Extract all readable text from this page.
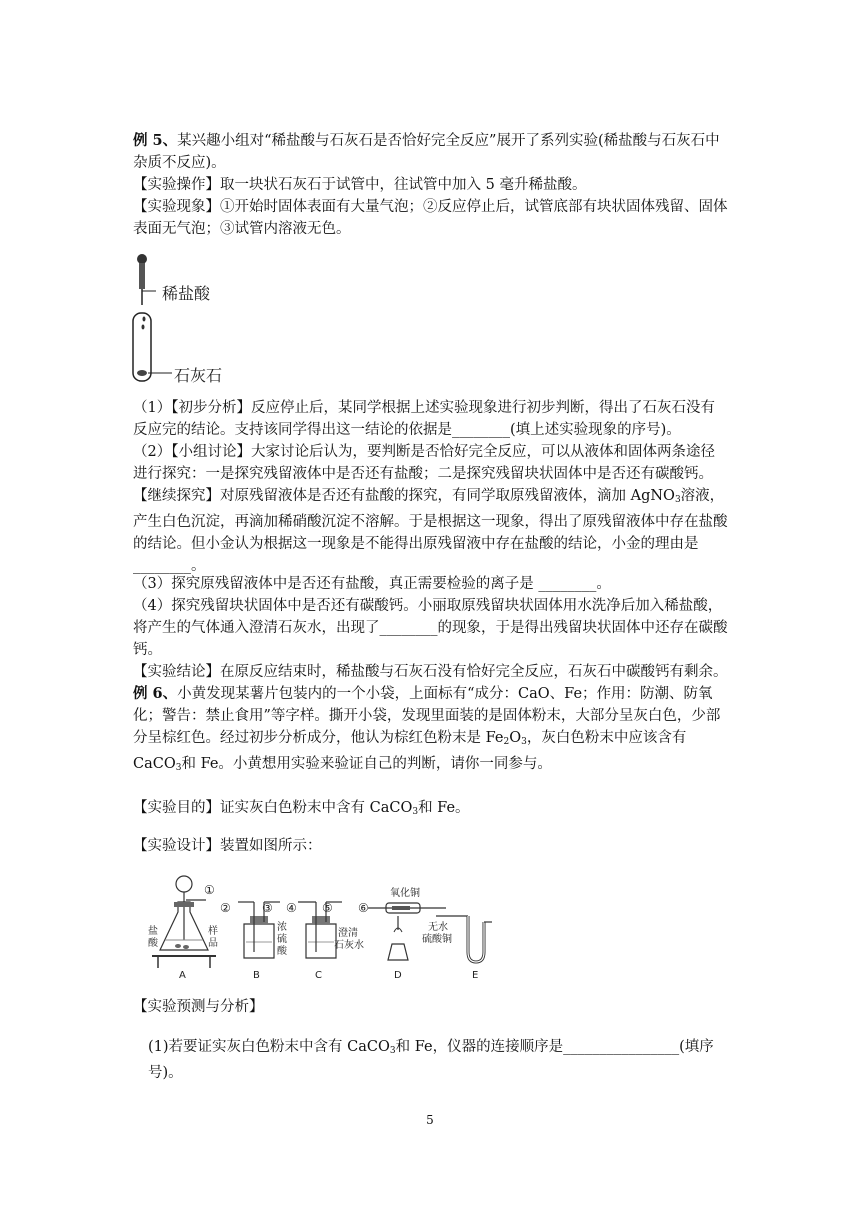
例 5、某兴趣小组对“稀盐酸与石灰石是否恰好完全反应”展开了系列实验(稀盐酸与石灰石中杂质不反应)。

【实验操作】取一块状石灰石于试管中，往试管中加入 5 毫升稀盐酸。

【实验现象】①开始时固体表面有大量气泡；②反应停止后，试管底部有块状固体残留、固体表面无气泡；③试管内溶液无色。

稀盐酸
石灰石

（1）【初步分析】反应停止后，某同学根据上述实验现象进行初步判断，得出了石灰石没有反应完的结论。支持该同学得出这一结论的依据是________(填上述实验现象的序号)。

（2）【小组讨论】大家讨论后认为，要判断是否恰好完全反应，可以从液体和固体两条途径进行探究：一是探究残留液体中是否还有盐酸；二是探究残留块状固体中是否还有碳酸钙。

【继续探究】对原残留液体是否还有盐酸的探究，有同学取原残留液体，滴加 AgNO$_3$溶液，产生白色沉淀，再滴加稀硝酸沉淀不溶解。于是根据这一现象，得出了原残留液体中存在盐酸的结论。但小金认为根据这一现象是不能得出原残留液中存在盐酸的结论，小金的理由是________。

（3）探究原残留液体中是否还有盐酸，真正需要检验的离子是 ________。

（4）探究残留块状固体中是否还有碳酸钙。小丽取原残留块状固体用水洗净后加入稀盐酸，将产生的气体通入澄清石灰水，出现了________的现象，于是得出残留块状固体中还存在碳酸钙。

【实验结论】在原反应结束时，稀盐酸与石灰石没有恰好完全反应，石灰石中碳酸钙有剩余。

例 6、小黄发现某薯片包装内的一个小袋，上面标有“成分：CaO、Fe；作用：防潮、防氧化；警告：禁止食用”等字样。撕开小袋，发现里面装的是固体粉末，大部分呈灰白色，少部分呈棕红色。经过初步分析成分，他认为棕红色粉末是 $Fe_2O_3$，灰白色粉末中应该含有 CaCO$_3$和 Fe。小黄想用实验来验证自己的判断，请你一同参与。

【实验目的】证实灰白色粉末中含有 CaCO$_3$和 Fe。

【实验设计】装置如图所示：

①
②	③ ④ ⑤ ⑥
盐
酸
样
品
浓
硫
酸
澄清
石灰水
氧化铜
无水
硫酸铜
A	B	C	D	E

【实验预测与分析】

(1)若要证实灰白色粉末中含有 CaCO$_3$和 Fe，仪器的连接顺序是________________(填序号)。

5
